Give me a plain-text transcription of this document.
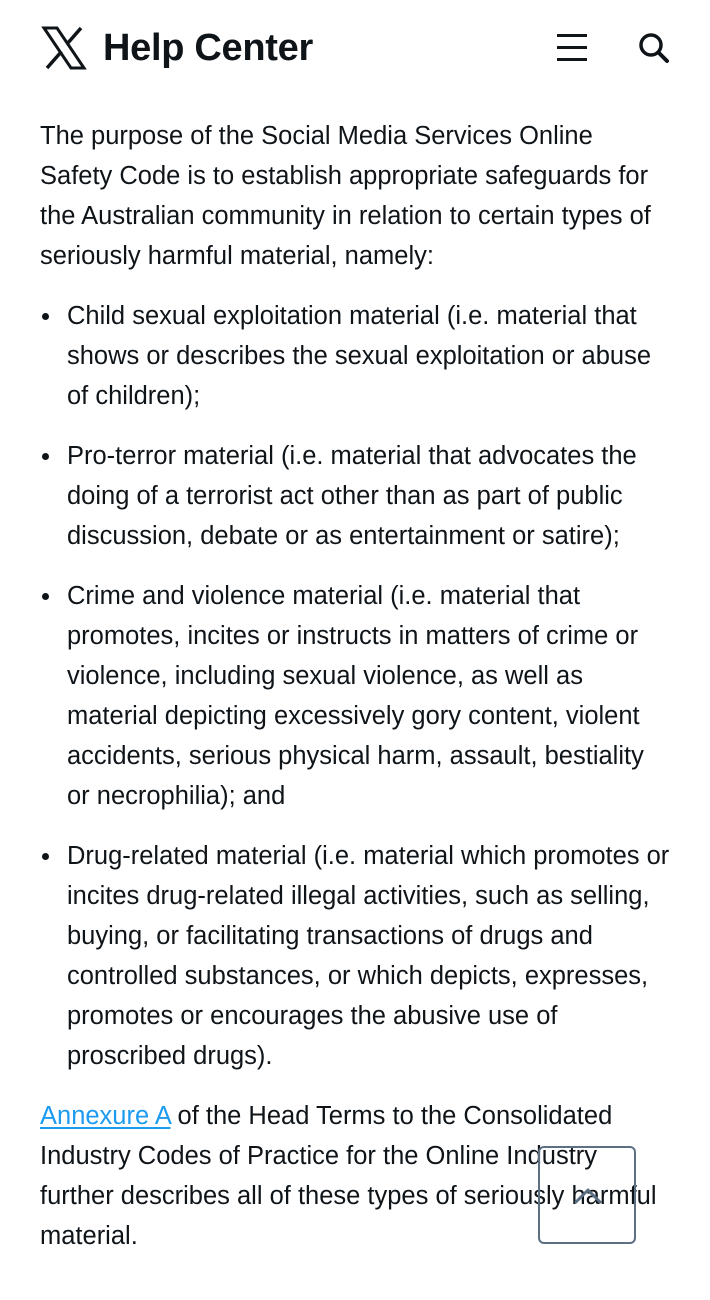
Help Center

The purpose of the Social Media Services Online Safety Code is to establish appropriate safeguards for the Australian community in relation to certain types of seriously harmful material, namely:

Child sexual exploitation material (i.e. material that shows or describes the sexual exploitation or abuse of children);
Pro-terror material (i.e. material that advocates the doing of a terrorist act other than as part of public discussion, debate or as entertainment or satire);
Crime and violence material (i.e. material that promotes, incites or instructs in matters of crime or violence, including sexual violence, as well as material depicting excessively gory content, violent accidents, serious physical harm, assault, bestiality or necrophilia); and
Drug-related material (i.e. material which promotes or incites drug-related illegal activities, such as selling, buying, or facilitating transactions of drugs and controlled substances, or which depicts, expresses, promotes or encourages the abusive use of proscribed drugs).

Annexure A of the Head Terms to the Consolidated Industry Codes of Practice for the Online Industry further describes all of these types of seriously harmful material.
